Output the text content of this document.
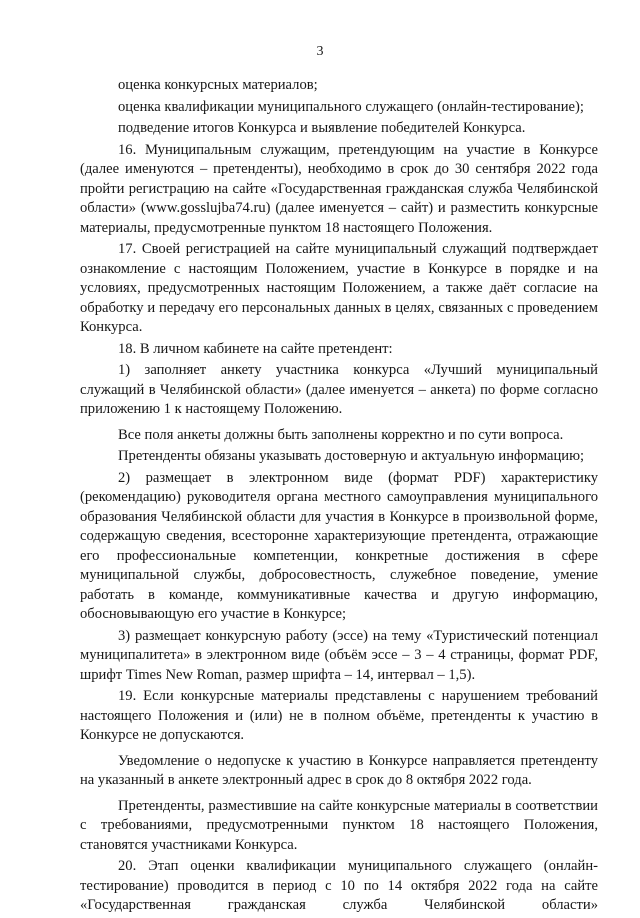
3

оценка конкурсных материалов;

оценка квалификации муниципального служащего (онлайн-тестирование);

подведение итогов Конкурса и выявление победителей Конкурса.

16. Муниципальным служащим, претендующим на участие в Конкурсе (далее именуются – претенденты), необходимо в срок до 30 сентября 2022 года пройти регистрацию на сайте «Государственная гражданская служба Челябинской области» (www.gosslujba74.ru) (далее именуется – сайт) и разместить конкурсные материалы, предусмотренные пунктом 18 настоящего Положения.

17. Своей регистрацией на сайте муниципальный служащий подтверждает ознакомление с настоящим Положением, участие в Конкурсе в порядке и на условиях, предусмотренных настоящим Положением, а также даёт согласие на обработку и передачу его персональных данных в целях, связанных с проведением Конкурса.

18. В личном кабинете на сайте претендент:

1) заполняет анкету участника конкурса «Лучший муниципальный служащий в Челябинской области» (далее именуется – анкета) по форме согласно приложению 1 к настоящему Положению.

Все поля анкеты должны быть заполнены корректно и по сути вопроса.

Претенденты обязаны указывать достоверную и актуальную информацию;

2) размещает в электронном виде (формат PDF) характеристику (рекомендацию) руководителя органа местного самоуправления муниципального образования Челябинской области для участия в Конкурсе в произвольной форме, содержащую сведения, всесторонне характеризующие претендента, отражающие его профессиональные компетенции, конкретные достижения в сфере муниципальной службы, добросовестность, служебное поведение, умение работать в команде, коммуникативные качества и другую информацию, обосновывающую его участие в Конкурсе;

3) размещает конкурсную работу (эссе) на тему «Туристический потенциал муниципалитета» в электронном виде (объём эссе – 3 – 4 страницы, формат PDF, шрифт Times New Roman, размер шрифта – 14, интервал – 1,5).

19. Если конкурсные материалы представлены с нарушением требований настоящего Положения и (или) не в полном объёме, претенденты к участию в Конкурсе не допускаются.

Уведомление о недопуске к участию в Конкурсе направляется претенденту на указанный в анкете электронный адрес в срок до 8 октября 2022 года.

Претенденты, разместившие на сайте конкурсные материалы в соответствии с требованиями, предусмотренными пунктом 18 настоящего Положения, становятся участниками Конкурса.

20. Этап оценки квалификации муниципального служащего (онлайн-тестирование) проводится в период с 10 по 14 октября 2022 года на сайте «Государственная гражданская служба Челябинской области»
